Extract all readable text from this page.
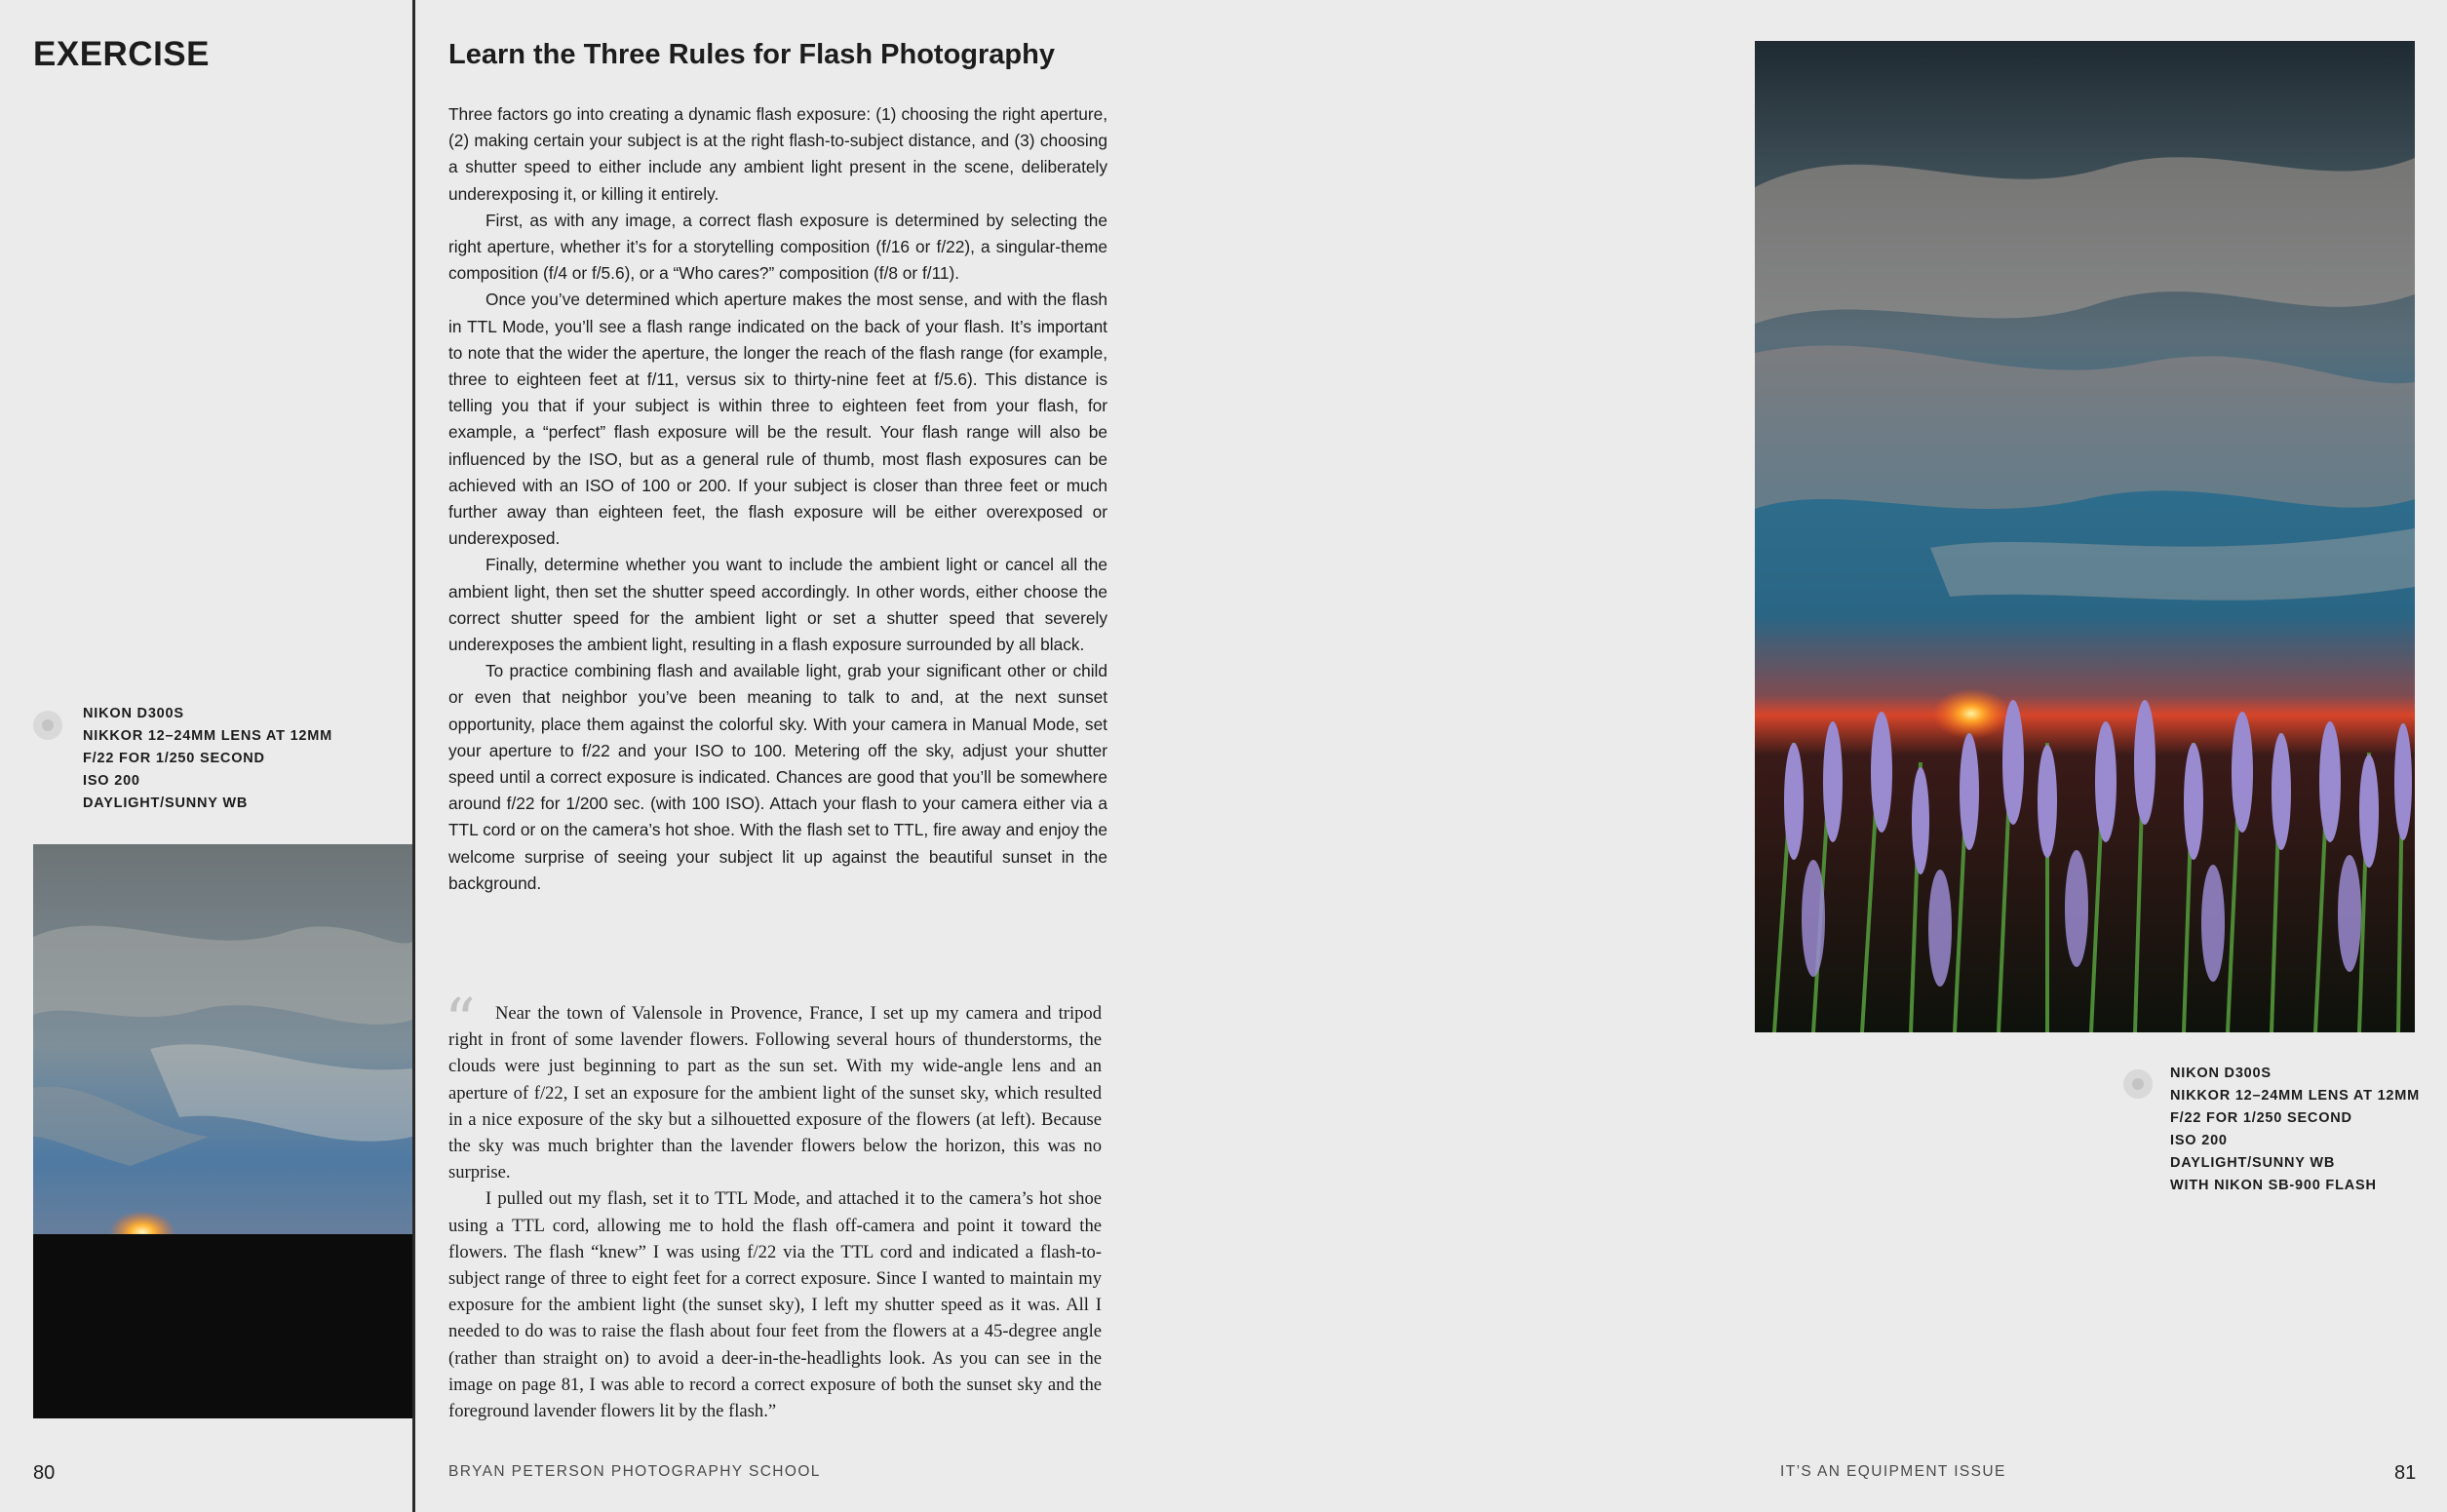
EXERCISE
NIKON D300S
NIKKOR 12–24MM LENS AT 12MM
F/22 FOR 1/250 SECOND
ISO 200
DAYLIGHT/SUNNY WB
Learn the Three Rules for Flash Photography

Three factors go into creating a dynamic flash exposure: (1) choosing the right aperture, (2) making certain your subject is at the right flash-to-subject distance, and (3) choosing a shutter speed to either include any ambient light present in the scene, deliberately underexposing it, or killing it entirely.

First, as with any image, a correct flash exposure is determined by selecting the right aperture, whether it’s for a storytelling composition (f/16 or f/22), a singular-theme composition (f/4 or f/5.6), or a “Who cares?” composition (f/8 or f/11).

Once you’ve determined which aperture makes the most sense, and with the flash in TTL Mode, you’ll see a flash range indicated on the back of your flash. It’s important to note that the wider the aperture, the longer the reach of the flash range (for example, three to eighteen feet at f/11, versus six to thirty-nine feet at f/5.6). This distance is telling you that if your subject is within three to eighteen feet from your flash, for example, a “perfect” flash exposure will be the result. Your flash range will also be influenced by the ISO, but as a general rule of thumb, most flash exposures can be achieved with an ISO of 100 or 200. If your subject is closer than three feet or much further away than eighteen feet, the flash exposure will be either overexposed or underexposed.

Finally, determine whether you want to include the ambient light or cancel all the ambient light, then set the shutter speed accordingly. In other words, either choose the correct shutter speed for the ambient light or set a shutter speed that severely underexposes the ambient light, resulting in a flash exposure surrounded by all black.

To practice combining flash and available light, grab your significant other or child or even that neighbor you’ve been meaning to talk to and, at the next sunset opportunity, place them against the colorful sky. With your camera in Manual Mode, set your aperture to f/22 and your ISO to 100. Metering off the sky, adjust your shutter speed until a correct exposure is indicated. Chances are good that you’ll be somewhere around f/22 for 1/200 sec. (with 100 ISO). Attach your flash to your camera either via a TTL cord or on the camera’s hot shoe. With the flash set to TTL, fire away and enjoy the welcome surprise of seeing your subject lit up against the beautiful sunset in the background.

“	Near the town of Valensole in Provence, France, I set up my camera and tripod right in front of some lavender flowers. Following several hours of thunderstorms, the clouds were just beginning to part as the sun set. With my wide-angle lens and an aperture of f/22, I set an exposure for the ambient light of the sunset sky, which resulted in a nice exposure of the sky but a silhouetted exposure of the flowers (at left). Because the sky was much brighter than the lavender flowers below the horizon, this was no surprise.

I pulled out my flash, set it to TTL Mode, and attached it to the camera’s hot shoe using a TTL cord, allowing me to hold the flash off-camera and point it toward the flowers. The flash “knew” I was using f/22 via the TTL cord and indicated a flash-to-subject range of three to eight feet for a correct exposure. Since I wanted to maintain my exposure for the ambient light (the sunset sky), I left my shutter speed as it was. All I needed to do was to raise the flash about four feet from the flowers at a 45-degree angle (rather than straight on) to avoid a deer-in-the-headlights look. As you can see in the image on page 81, I was able to record a correct exposure of both the sunset sky and the foreground lavender flowers lit by the flash.”

NIKON D300S
NIKKOR 12–24MM LENS AT 12MM
F/22 FOR 1/250 SECOND
ISO 200
DAYLIGHT/SUNNY WB
WITH NIKON SB-900 FLASH
80	BRYAN PETERSON PHOTOGRAPHY SCHOOL	IT’S AN EQUIPMENT ISSUE	81
